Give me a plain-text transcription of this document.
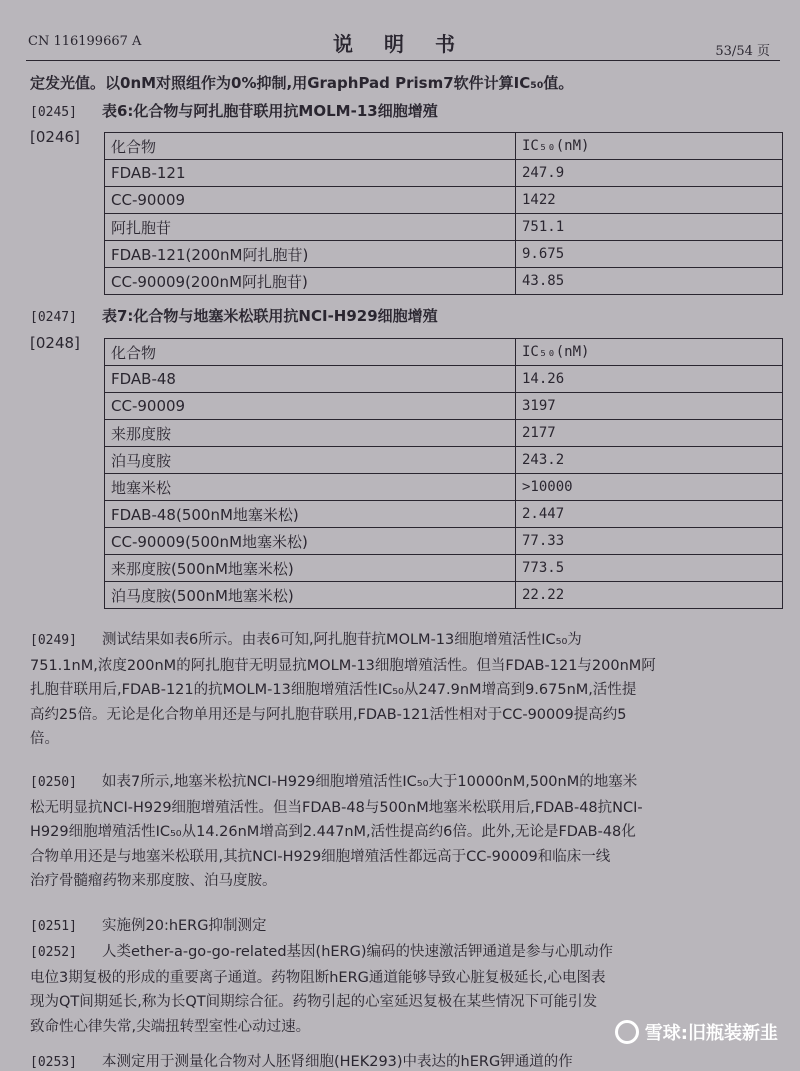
CN 116199667 A	说 明 书	53/54 页
定发光值。以0nM对照组作为0%抑制,用GraphPad Prism7软件计算IC₅₀值。
[0245] 表6:化合物与阿扎胞苷联用抗MOLM-13细胞增殖
[0246]
化合物	IC₅₀(nM)
FDAB-121	247.9
CC-90009	1422
阿扎胞苷	751.1
FDAB-121(200nM阿扎胞苷)	9.675
CC-90009(200nM阿扎胞苷)	43.85
[0247] 表7:化合物与地塞米松联用抗NCI-H929细胞增殖
[0248]
化合物	IC₅₀(nM)
FDAB-48	14.26
CC-90009	3197
来那度胺	2177
泊马度胺	243.2
地塞米松	>10000
FDAB-48(500nM地塞米松)	2.447
CC-90009(500nM地塞米松)	77.33
来那度胺(500nM地塞米松)	773.5
泊马度胺(500nM地塞米松)	22.22

[0249] 测试结果如表6所示。由表6可知,阿扎胞苷抗MOLM-13细胞增殖活性IC₅₀为

751.1nM,浓度200nM的阿扎胞苷无明显抗MOLM-13细胞增殖活性。但当FDAB-121与200nM阿

扎胞苷联用后,FDAB-121的抗MOLM-13细胞增殖活性IC₅₀从247.9nM增高到9.675nM,活性提

高约25倍。无论是化合物单用还是与阿扎胞苷联用,FDAB-121活性相对于CC-90009提高约5

倍。

[0250] 如表7所示,地塞米松抗NCI-H929细胞增殖活性IC₅₀大于10000nM,500nM的地塞米

松无明显抗NCI-H929细胞增殖活性。但当FDAB-48与500nM地塞米松联用后,FDAB-48抗NCI-

H929细胞增殖活性IC₅₀从14.26nM增高到2.447nM,活性提高约6倍。此外,无论是FDAB-48化

合物单用还是与地塞米松联用,其抗NCI-H929细胞增殖活性都远高于CC-90009和临床一线

治疗骨髓瘤药物来那度胺、泊马度胺。

[0251] 实施例20:hERG抑制测定

[0252] 人类ether-a-go-go-related基因(hERG)编码的快速激活钾通道是参与心肌动作

电位3期复极的形成的重要离子通道。药物阻断hERG通道能够导致心脏复极延长,心电图表

现为QT间期延长,称为长QT间期综合征。药物引起的心室延迟复极在某些情况下可能引发

致命性心律失常,尖端扭转型室性心动过速。

[0253] 本测定用于测量化合物对人胚肾细胞(HEK293)中表达的hERG钾通道的作
雪球:旧瓶装新韭
